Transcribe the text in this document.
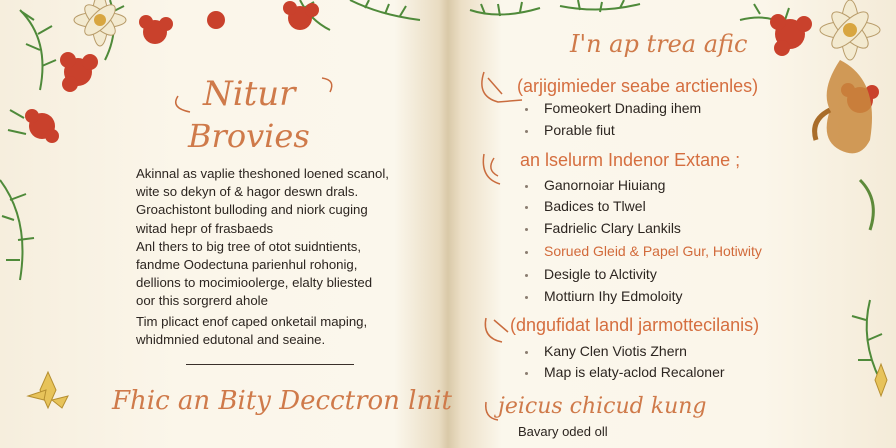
Nitur
Brovies

Akinnal as vaplie theshoned loened scanol,

wite so dekyn of & hagor deswn drals.

Groachistont bulloding and niork cuging

witad hepr of frasbaeds

Anl thers to big tree of otot suidntients,

fandme Oodectuna parienhul rohonig,

dellions to mocimioolerge, elalty bliested

oor this sorgrerd ahole

Tim plicact enof caped onketail maping,

whidmnied edutonal and seaine.

Fhic an Bity Decctron lnit
I'n ap trea afic
(arjigimieder seabe arctienles)
Fomeokert Dnading ihem
Porable fiut
an lselurm Indenor Extane ;
Ganornoiar Hiuiang
Badices to Tlwel
Fadrielic Clary Lankils
Sorued Gleid & Papel Gur, Hotiwity
Desigle to Alctivity
Mottiurn Ihy Edmoloity
(dngufidat landl jarmottecilanis)
Kany Clen Viotis Zhern
Map is elaty-aclod Recaloner
jeicus chicud kung
Bavary oded oll
